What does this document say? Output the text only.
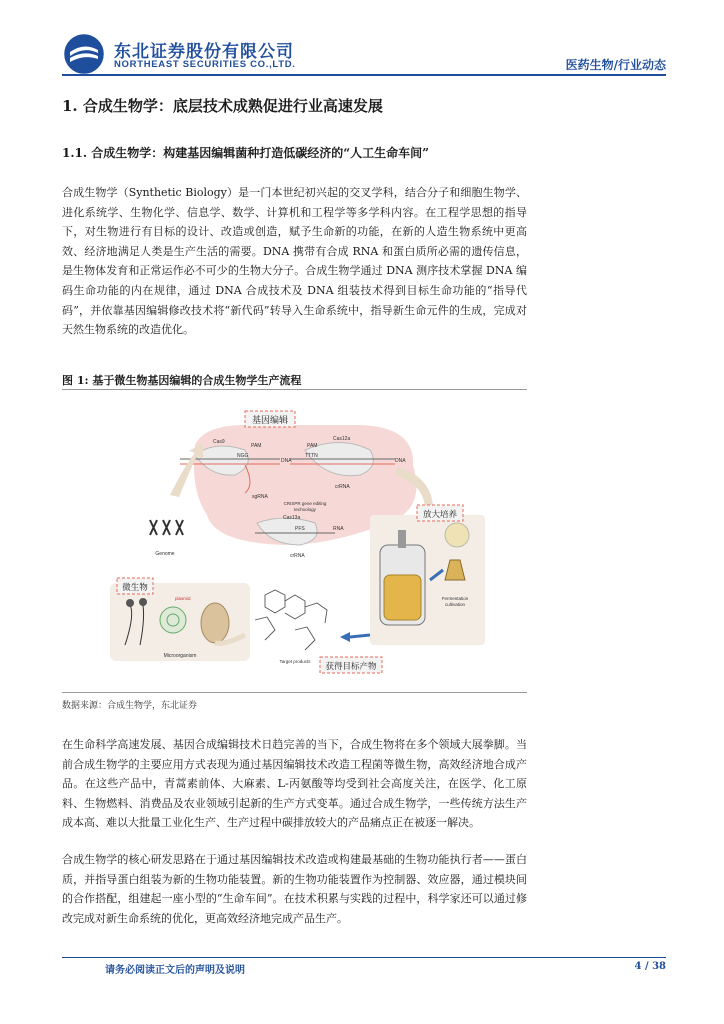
东北证券股份有限公司
NORTHEAST SECURITIES CO.,LTD.	医药生物/行业动态
1. 合成生物学：底层技术成熟促进行业高速发展
1.1. 合成生物学：构建基因编辑菌种打造低碳经济的“人工生命车间”
合成生物学（Synthetic Biology）是一门本世纪初兴起的交叉学科，结合分子和细胞生物学、进化系统学、生物化学、信息学、数学、计算机和工程学等多学科内容。在工程学思想的指导下，对生物进行有目标的设计、改造或创造，赋予生命新的功能，在新的人造生物系统中更高效、经济地满足人类是生产生活的需要。DNA 携带有合成 RNA 和蛋白质所必需的遗传信息，是生物体发育和正常运作必不可少的生物大分子。合成生物学通过 DNA 测序技术掌握 DNA 编码生命功能的内在规律，通过 DNA 合成技术及 DNA 组装技术得到目标生命功能的“指导代码”，并依靠基因编辑修改技术将“新代码”转导入生命系统中，指导新生命元件的生成，完成对天然生物系统的改造优化。
图 1: 基于微生物基因编辑的合成生物学生产流程
基因编辑
Cas9
PAM
NGG
DNA
sgRNA
Cas12a
PAM
TTTN
DNA
crRNA
CRISPR gene editing
technology
Cas13a
PFS	RNA
crRNA
Genome
微生物
plasmid
Microorganism
放大培养
Fermentation
cultivation
Target products
获得目标产物
数据来源：合成生物学，东北证券
在生命科学高速发展、基因合成编辑技术日趋完善的当下，合成生物将在多个领域大展拳脚。当前合成生物学的主要应用方式表现为通过基因编辑技术改造工程菌等微生物，高效经济地合成产品。在这些产品中，青蒿素前体、大麻素、L-丙氨酸等均受到社会高度关注，在医学、化工原料、生物燃料、消费品及农业领域引起新的生产方式变革。通过合成生物学，一些传统方法生产成本高、难以大批量工业化生产、生产过程中碳排放较大的产品痛点正在被逐一解决。
合成生物学的核心研发思路在于通过基因编辑技术改造或构建最基础的生物功能执行者——蛋白质，并指导蛋白组装为新的生物功能装置。新的生物功能装置作为控制器、效应器，通过模块间的合作搭配，组建起一座小型的“生命车间”。在技术积累与实践的过程中，科学家还可以通过修改完成对新生命系统的优化，更高效经济地完成产品生产。
请务必阅读正文后的声明及说明	4 / 38
